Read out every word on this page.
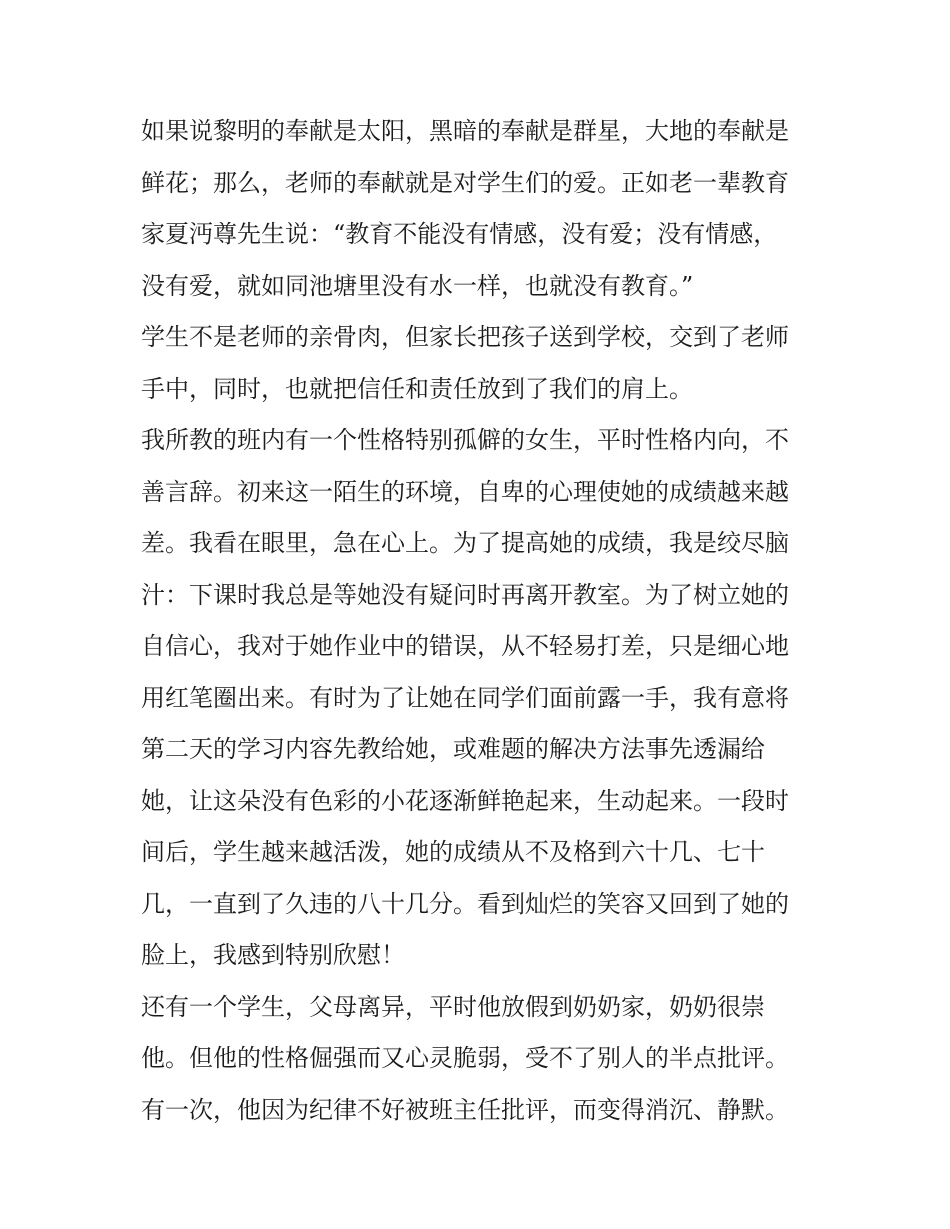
如果说黎明的奉献是太阳，黑暗的奉献是群星，大地的奉献是
鲜花；那么，老师的奉献就是对学生们的爱。正如老一辈教育
家夏沔尊先生说：“教育不能没有情感，没有爱；没有情感，
没有爱，就如同池塘里没有水一样，也就没有教育。”
学生不是老师的亲骨肉，但家长把孩子送到学校，交到了老师
手中，同时，也就把信任和责任放到了我们的肩上。
我所教的班内有一个性格特别孤僻的女生，平时性格内向，不
善言辞。初来这一陌生的环境，自卑的心理使她的成绩越来越
差。我看在眼里，急在心上。为了提高她的成绩，我是绞尽脑
汁：下课时我总是等她没有疑问时再离开教室。为了树立她的
自信心，我对于她作业中的错误，从不轻易打差，只是细心地
用红笔圈出来。有时为了让她在同学们面前露一手，我有意将
第二天的学习内容先教给她，或难题的解决方法事先透漏给
她，让这朵没有色彩的小花逐渐鲜艳起来，生动起来。一段时
间后，学生越来越活泼，她的成绩从不及格到六十几、七十
几，一直到了久违的八十几分。看到灿烂的笑容又回到了她的
脸上，我感到特别欣慰！
还有一个学生，父母离异，平时他放假到奶奶家，奶奶很崇
他。但他的性格倔强而又心灵脆弱，受不了别人的半点批评。
有一次，他因为纪律不好被班主任批评，而变得消沉、静默。
